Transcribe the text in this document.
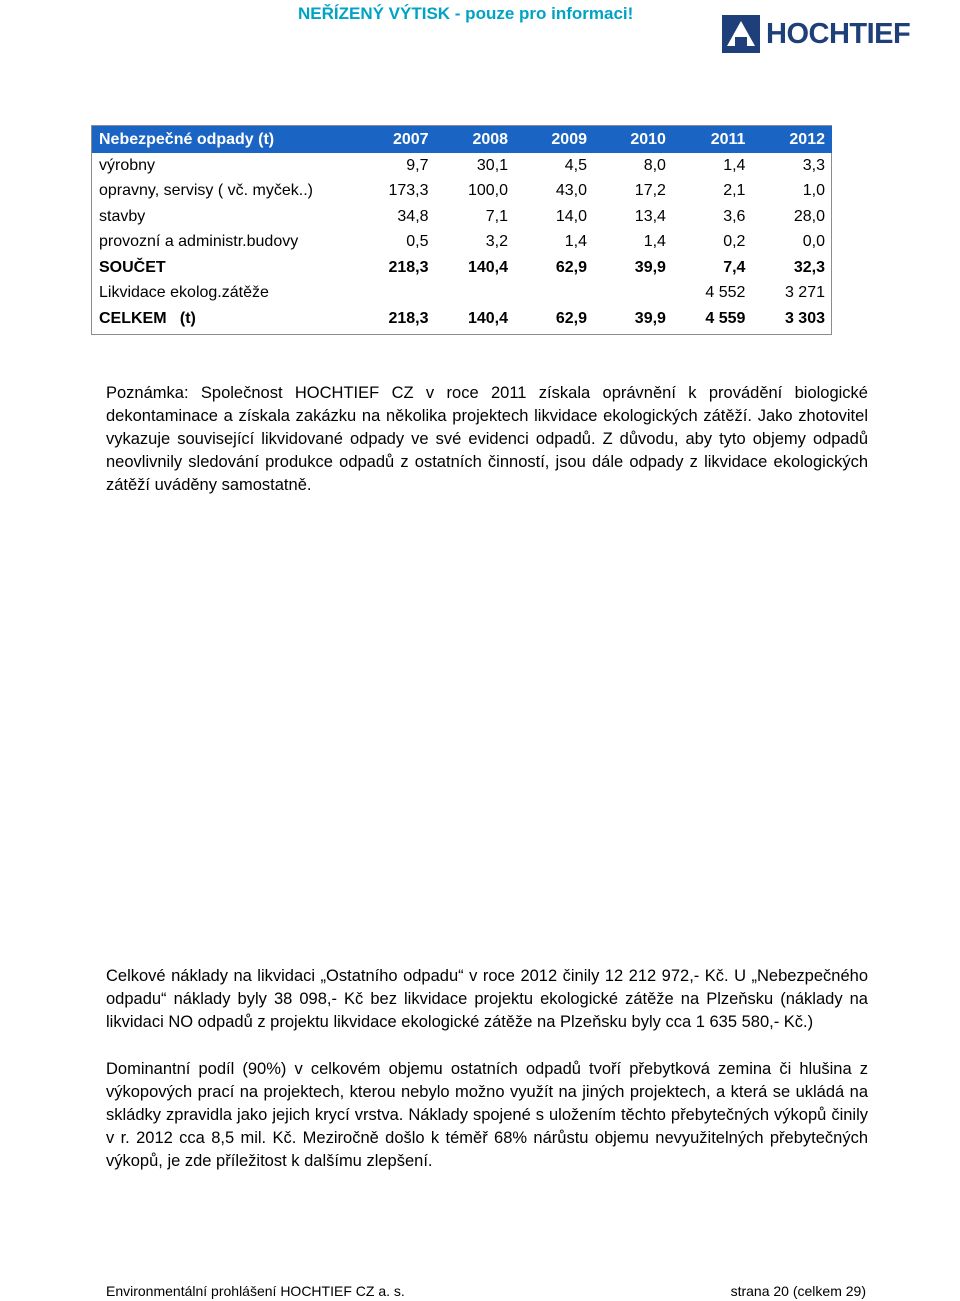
NEŘÍZENÝ VÝTISK - pouze pro informaci!
HOCHTIEF
Nebezpečné odpady (t)	2007	2008	2009	2010	2011	2012
výrobny	9,7	30,1	4,5	8,0	1,4	3,3
opravny, servisy ( vč. myček..)	173,3	100,0	43,0	17,2	2,1	1,0
stavby	34,8	7,1	14,0	13,4	3,6	28,0
provozní a administr.budovy	0,5	3,2	1,4	1,4	0,2	0,0
SOUČET	218,3	140,4	62,9	39,9	7,4	32,3
Likvidace ekolog.zátěže					4 552	3 271
CELKEM   (t)	218,3	140,4	62,9	39,9	4 559	3 303

Poznámka: Společnost HOCHTIEF CZ v roce 2011 získala oprávnění k provádění biologické dekontaminace a získala zakázku na několika projektech likvidace ekologických zátěží. Jako zhotovitel vykazuje související likvidované odpady ve své evidenci odpadů. Z důvodu, aby tyto objemy odpadů neovlivnily sledování produkce odpadů z ostatních činností, jsou dále odpady z likvidace ekologických zátěží uváděny samostatně.

Celkové náklady na likvidaci „Ostatního odpadu“ v roce 2012 činily 12 212 972,- Kč. U „Nebezpečného odpadu“ náklady byly 38 098,- Kč bez likvidace projektu ekologické zátěže na Plzeňsku (náklady na likvidaci NO odpadů z projektu likvidace ekologické zátěže na Plzeňsku byly cca 1 635 580,- Kč.)

Dominantní podíl (90%) v celkovém objemu ostatních odpadů tvoří přebytková zemina či hlušina z výkopových prací na projektech, kterou nebylo možno využít na jiných projektech, a která se ukládá na skládky zpravidla jako jejich krycí vrstva. Náklady spojené s uložením těchto přebytečných výkopů činily v r. 2012 cca 8,5 mil. Kč. Meziročně došlo k téměř 68% nárůstu objemu nevyužitelných přebytečných výkopů, je zde příležitost k dalšímu zlepšení.

Environmentální prohlášení HOCHTIEF CZ a. s.	strana 20 (celkem 29)
